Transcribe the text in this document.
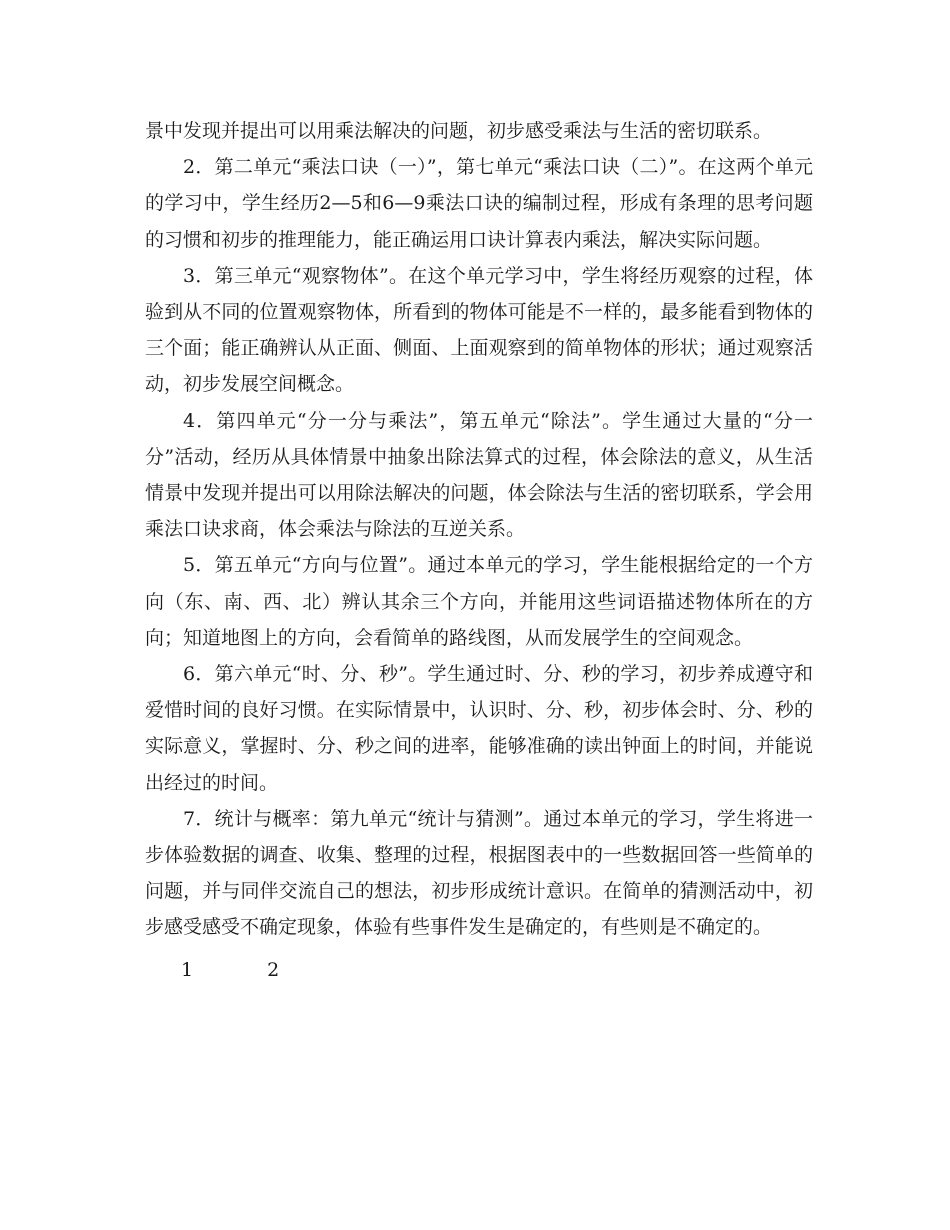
景中发现并提出可以用乘法解决的问题，初步感受乘法与生活的密切联系。

2．第二单元“乘法口诀（一）”，第七单元“乘法口诀（二）”。在这两个单元的学习中，学生经历2—5和6—9乘法口诀的编制过程，形成有条理的思考问题的习惯和初步的推理能力，能正确运用口诀计算表内乘法，解决实际问题。

3．第三单元“观察物体”。在这个单元学习中，学生将经历观察的过程，体验到从不同的位置观察物体，所看到的物体可能是不一样的，最多能看到物体的三个面；能正确辨认从正面、侧面、上面观察到的简单物体的形状；通过观察活动，初步发展空间概念。

4．第四单元“分一分与乘法”，第五单元“除法”。学生通过大量的“分一分”活动，经历从具体情景中抽象出除法算式的过程，体会除法的意义，从生活情景中发现并提出可以用除法解决的问题，体会除法与生活的密切联系，学会用乘法口诀求商，体会乘法与除法的互逆关系。

5．第五单元“方向与位置”。通过本单元的学习，学生能根据给定的一个方向（东、南、西、北）辨认其余三个方向，并能用这些词语描述物体所在的方向；知道地图上的方向，会看简单的路线图，从而发展学生的空间观念。

6．第六单元“时、分、秒”。学生通过时、分、秒的学习，初步养成遵守和爱惜时间的良好习惯。在实际情景中，认识时、分、秒，初步体会时、分、秒的实际意义，掌握时、分、秒之间的进率，能够准确的读出钟面上的时间，并能说出经过的时间。

7．统计与概率：第九单元“统计与猜测”。通过本单元的学习，学生将进一步体验数据的调查、收集、整理的过程，根据图表中的一些数据回答一些简单的问题，并与同伴交流自己的想法，初步形成统计意识。在简单的猜测活动中，初步感受感受不确定现象，体验有些事件发生是确定的，有些则是不确定的。

1	2
